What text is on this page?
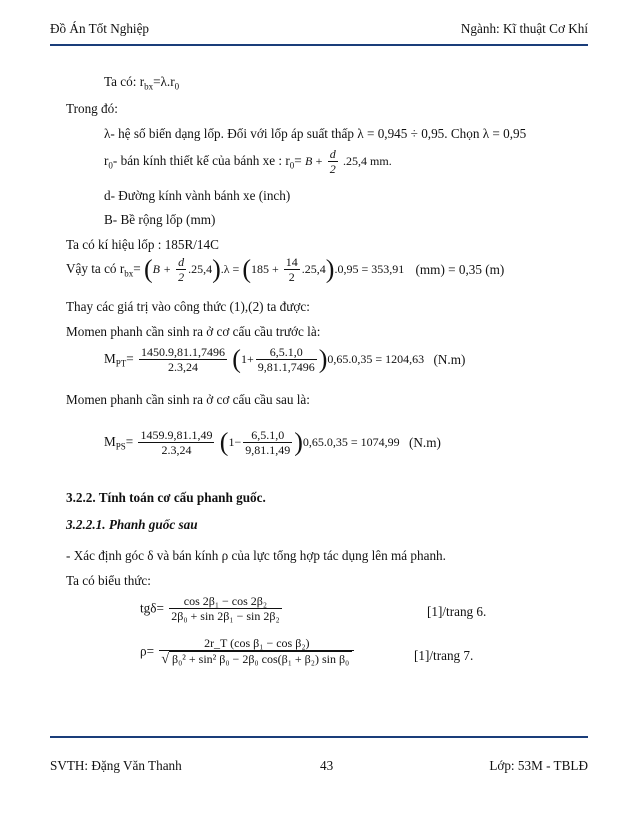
Đồ Án Tốt Nghiệp	Ngành: Kĩ thuật Cơ Khí
Ta có: $r_{bx}=\lambda.r_0$
Trong đó:
λ- hệ số biến dạng lốp. Đối với lốp áp suất thấp λ = 0,945 ÷ 0,95. Chọn λ = 0,95
$r_0-$ bán kính thiết kế của bánh xe : $r_0= B + \frac{d}{2} .25,4$ mm.
d- Đường kính vành bánh xe (inch)
B- Bề rộng lốp (mm)
Ta có kí hiệu lốp : 185R/14C
Vậy ta có $r_{bx}= (B + \frac{d}{2} .25,4).\lambda = (185 + \frac{14}{2} .25,4).0,95 = 353,91$ (mm) = 0,35 (m)
Thay các giá trị vào công thức (1),(2) ta được:
Momen phanh cần sinh ra ở cơ cấu cầu trước là:
$M_{PT}= \frac{1450.9,81.1,7496}{2.3,24} (1+ \frac{6,5.1,0}{9,81.1,7496} )0,65.0,35 = 1204,63$ (N.m)
Momen phanh cần sinh ra ở cơ cấu cầu sau là:
$M_{PS}= \frac{1459.9,81.1,49}{2.3,24} (1- \frac{6,5.1,0}{9,81.1,49} )0,65.0,35 = 1074,99$ (N.m)
3.2.2. Tính toán cơ cấu phanh guốc.
3.2.2.1. Phanh guốc sau
- Xác định góc δ và bán kính ρ của lực tổng hợp tác dụng lên má phanh.
Ta có biểu thức:
$tg\delta= \frac{\text{cos 2β₁ − cos 2β₂}}{\text{2β₀ + sin 2β₁ − sin 2β₂}}$	[1]/trang 6.
$\rho= \frac{\text{2r\_T (cos β₁ − cos β₂)}}{\text{√ β₀² + sin² β₀ − 2β₀ cos(β₁ + β₂) sin β₀}}$	[1]/trang 7.
SVTH: Đặng Văn Thanh	43	Lớp: 53M - TBLĐ
